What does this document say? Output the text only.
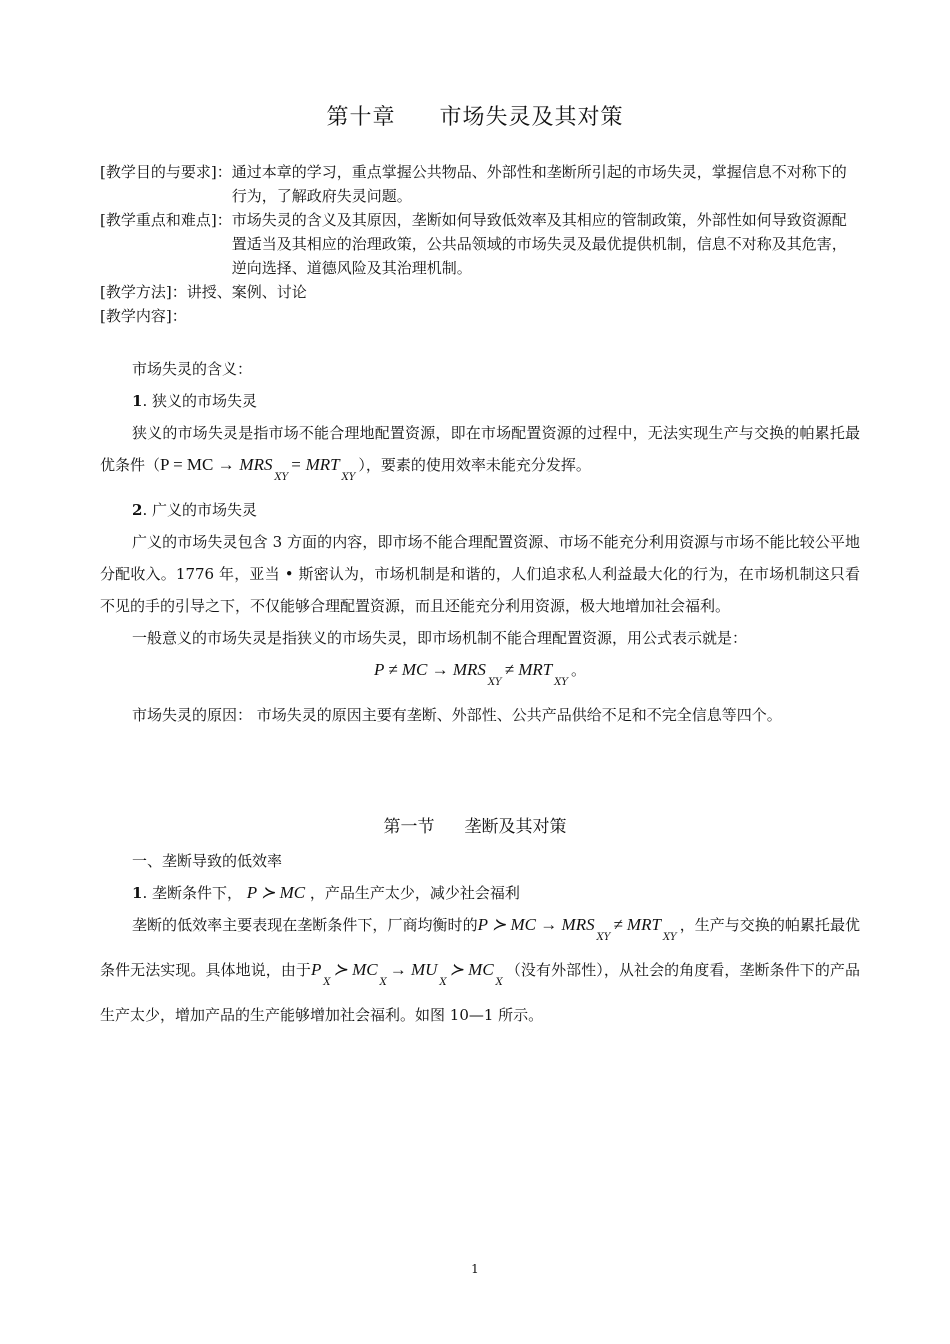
第十章 市场失灵及其对策
[教学目的与要求]： 通过本章的学习，重点掌握公共物品、外部性和垄断所引起的市场失灵，掌握信息不对称下的行为，了解政府失灵问题。
[教学重点和难点]： 市场失灵的含义及其原因，垄断如何导致低效率及其相应的管制政策，外部性如何导致资源配置适当及其相应的治理政策，公共品领域的市场失灵及最优提供机制，信息不对称及其危害，逆向选择、道德风险及其治理机制。
[教学方法]： 讲授、案例、讨论
[教学内容]：

市场失灵的含义：

1. 狭义的市场失灵

狭义的市场失灵是指市场不能合理地配置资源，即在市场配置资源的过程中，无法实现生产与交换的帕累托最优条件（P = MC → $MRS_{XY}= MRT_{XY}$），要素的使用效率未能充分发挥。

2. 广义的市场失灵

广义的市场失灵包含 3 方面的内容，即市场不能合理配置资源、市场不能充分利用资源与市场不能比较公平地分配收入。1776 年，亚当 • 斯密认为，市场机制是和谐的，人们追求私人利益最大化的行为，在市场机制这只看不见的手的引导之下，不仅能够合理配置资源，而且还能充分利用资源，极大地增加社会福利。

一般意义的市场失灵是指狭义的市场失灵，即市场机制不能合理配置资源，用公式表示就是：

P ≠ MC → $MRS_{XY}\ne MRT_{XY}$。

市场失灵的原因： 市场失灵的原因主要有垄断、外部性、公共产品供给不足和不完全信息等四个。

第一节 垄断及其对策

一、垄断导致的低效率

1. 垄断条件下， P ≻ MC ，产品生产太少，减少社会福利

垄断的低效率主要表现在垄断条件下，厂商均衡时的P ≻ MC → $MRS_{XY}\ne MRT_{XY}$，生产与交换的帕累托最优条件无法实现。具体地说，由于$P_X≻$ $MC_X\to$ $MU_X≻$ $MC_X$（没有外部性），从社会的角度看，垄断条件下的产品生产太少，增加产品的生产能够增加社会福利。如图 10—1 所示。

1
